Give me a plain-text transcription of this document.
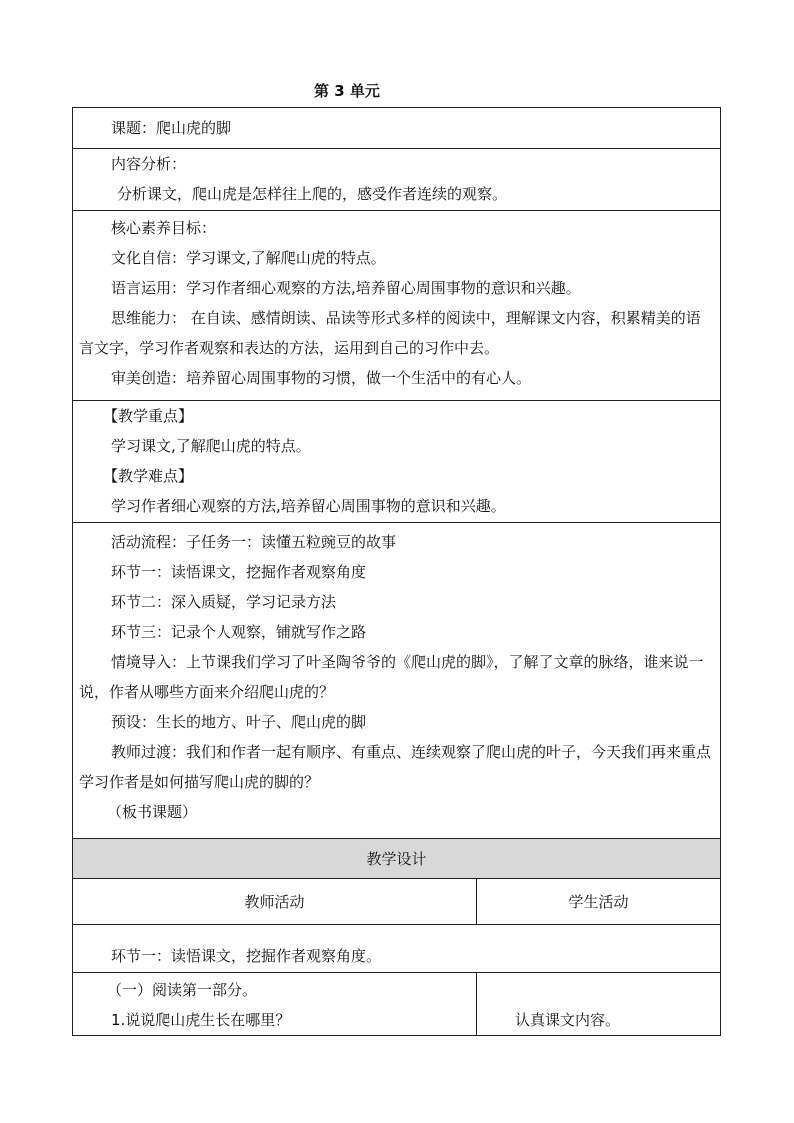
第 3 单元

课题：爬山虎的脚

内容分析：

分析课文，爬山虎是怎样往上爬的，感受作者连续的观察。

核心素养目标：

文化自信：学习课文,了解爬山虎的特点。

语言运用：学习作者细心观察的方法,培养留心周围事物的意识和兴趣。

思维能力： 在自读、感情朗读、品读等形式多样的阅读中，理解课文内容，积累精美的语言文字，学习作者观察和表达的方法，运用到自己的习作中去。

审美创造：培养留心周围事物的习惯，做一个生活中的有心人。

【教学重点】

学习课文,了解爬山虎的特点。

【教学难点】

学习作者细心观察的方法,培养留心周围事物的意识和兴趣。

活动流程：子任务一：读懂五粒豌豆的故事

环节一：读悟课文，挖掘作者观察角度

环节二：深入质疑，学习记录方法

环节三：记录个人观察，铺就写作之路

情境导入：上节课我们学习了叶圣陶爷爷的《爬山虎的脚》，了解了文章的脉络，谁来说一说，作者从哪些方面来介绍爬山虎的？

预设：生长的地方、叶子、爬山虎的脚

教师过渡：我们和作者一起有顺序、有重点、连续观察了爬山虎的叶子，今天我们再来重点学习作者是如何描写爬山虎的脚的？

（板书课题）

教学设计
教师活动	学生活动

环节一：读悟课文，挖掘作者观察角度。

（一）阅读第一部分。

1.说说爬山虎生长在哪里？	认真课文内容。
